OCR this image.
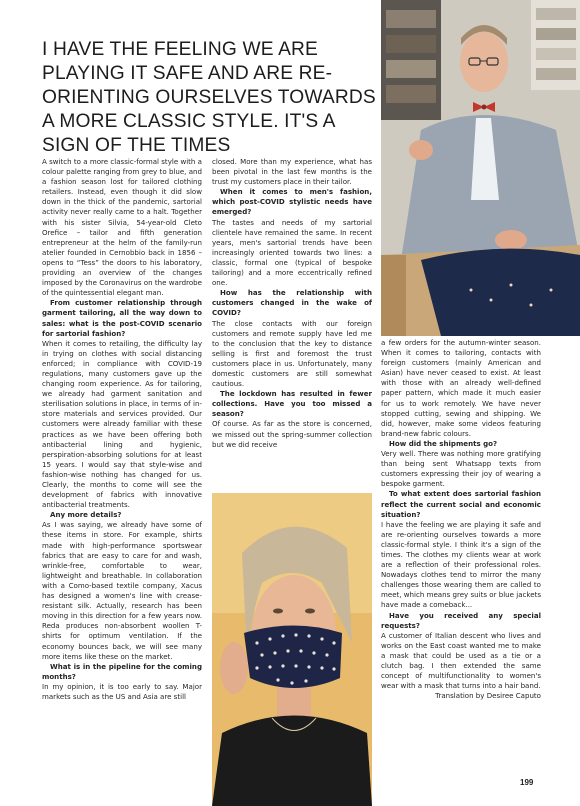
I HAVE THE FEELING WE ARE PLAYING IT SAFE AND ARE RE-ORIENTING OURSELVES TOWARDS A MORE CLASSIC STYLE. IT'S A SIGN OF THE TIMES

A switch to a more classic-formal style with a colour palette ranging from grey to blue, and a fashion season lost for tailored clothing retailers. Instead, even though it did slow down in the thick of the pandemic, sartorial activity never really came to a halt. Together with his sister Silvia, 54-year-old Cleto Orefice – tailor and fifth generation entrepreneur at the helm of the family-run atelier founded in Cernobbio back in 1856 – opens to “Tess” the doors to his laboratory, providing an overview of the changes imposed by the Coronavirus on the wardrobe of the quintessential elegant man.

From customer relationship through garment tailoring, all the way down to sales: what is the post-COVID scenario for sartorial fashion?

When it comes to retailing, the difficulty lay in trying on clothes with social distancing enforced; in compliance with COVID-19 regulations, many customers gave up the changing room experience. As for tailoring, we already had garment sanitation and sterilisation solutions in place, in terms of in-store materials and services provided. Our customers were already familiar with these practices as we have been offering both antibacterial lining and hygienic, perspiration-absorbing solutions for at least 15 years. I would say that style-wise and fashion-wise nothing has changed for us. Clearly, the months to come will see the development of fabrics with innovative antibacterial treatments.

Any more details?

As I was saying, we already have some of these items in store. For example, shirts made with high-performance sportswear fabrics that are easy to care for and wash, wrinkle-free, comfortable to wear, lightweight and breathable. In collaboration with a Como-based textile company, Xacus has designed a women's line with crease-resistant silk. Actually, research has been moving in this direction for a few years now. Reda produces non-absorbent woollen T-shirts for optimum ventilation. If the economy bounces back, we will see many more items like these on the market.

What is in the pipeline for the coming months?

In my opinion, it is too early to say. Major markets such as the US and Asia are still

closed. More than my experience, what has been pivotal in the last few months is the trust my customers place in their tailor.

When it comes to men's fashion, which post-COVID stylistic needs have emerged?

The tastes and needs of my sartorial clientele have remained the same. In recent years, men's sartorial trends have been increasingly oriented towards two lines: a classic, formal one (typical of bespoke tailoring) and a more eccentrically refined one.

How has the relationship with customers changed in the wake of COVID?

The close contacts with our foreign customers and remote supply have led me to the conclusion that the key to distance selling is first and foremost the trust customers place in us. Unfortunately, many domestic customers are still somewhat cautious.

The lockdown has resulted in fewer collections. Have you too missed a season?

Of course. As far as the store is concerned, we missed out the spring-summer collection but we did receive

a few orders for the autumn-winter season. When it comes to tailoring, contacts with foreign customers (mainly American and Asian) have never ceased to exist. At least with those with an already well-defined paper pattern, which made it much easier for us to work remotely. We have never stopped cutting, sewing and shipping. We did, however, make some videos featuring brand-new fabric colours.

How did the shipments go?

Very well. There was nothing more gratifying than being sent Whatsapp texts from customers expressing their joy of wearing a bespoke garment.

To what extent does sartorial fashion reflect the current social and economic situation?

I have the feeling we are playing it safe and are re-orienting ourselves towards a more classic-formal style. I think it's a sign of the times. The clothes my clients wear at work are a reflection of their professional roles. Nowadays clothes tend to mirror the many challenges those wearing them are called to meet, which means grey suits or blue jackets have made a comeback...

Have you received any special requests?

A customer of Italian descent who lives and works on the East coast wanted me to make a mask that could be used as a tie or a clutch bag. I then extended the same concept of multifunctionality to women's wear with a mask that turns into a hair band.

Translation by Desiree Caputo

199
